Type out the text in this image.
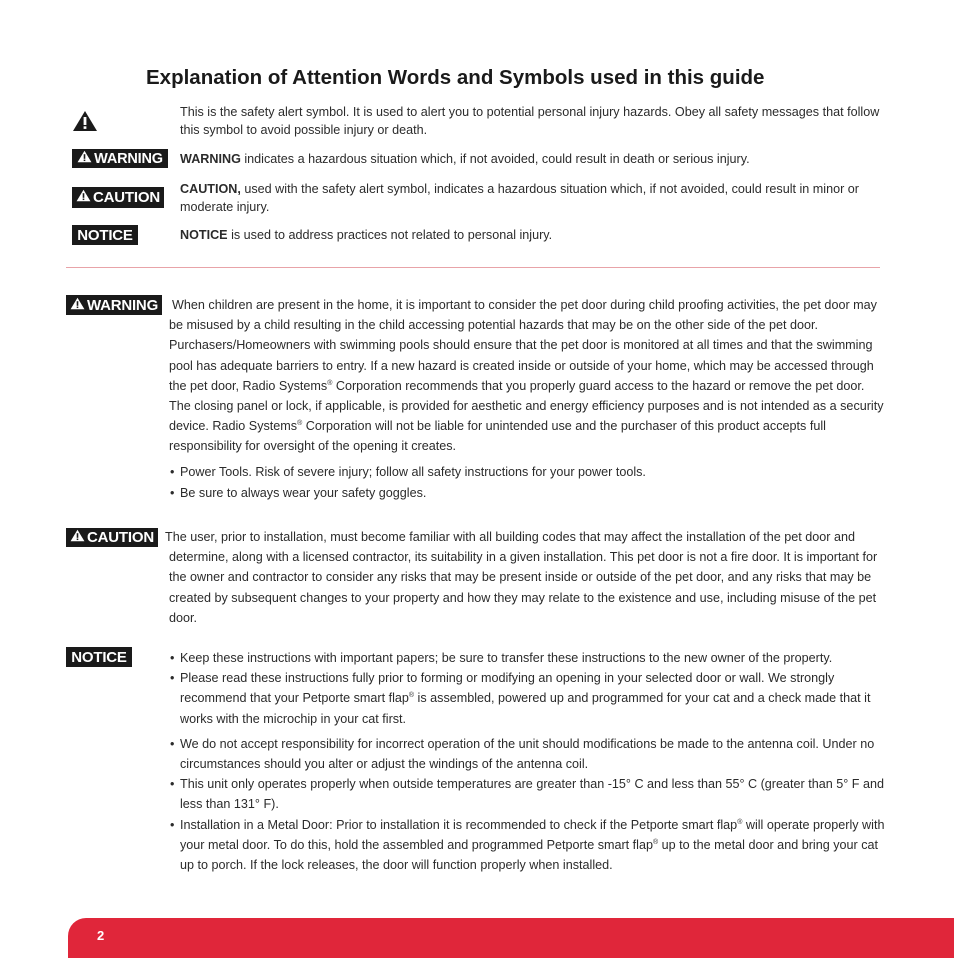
Explanation of Attention Words and Symbols used in this guide
This is the safety alert symbol. It is used to alert you to potential personal injury hazards. Obey all safety messages that follow this symbol to avoid possible injury or death.
WARNING WARNING indicates a hazardous situation which, if not avoided, could result in death or serious injury.
CAUTION CAUTION, used with the safety alert symbol, indicates a hazardous situation which, if not avoided, could result in minor or moderate injury.
NOTICE	NOTICE is used to address practices not related to personal injury.
WARNING When children are present in the home, it is important to consider the pet door during child proofing activities, the pet door may be misused by a child resulting in the child accessing potential hazards that may be on the other side of the pet door. Purchasers/Homeowners with swimming pools should ensure that the pet door is monitored at all times and that the swimming pool has adequate barriers to entry. If a new hazard is created inside or outside of your home, which may be accessed through the pet door, Radio Systems® Corporation recommends that you properly guard access to the hazard or remove the pet door. The closing panel or lock, if applicable, is provided for aesthetic and energy efficiency purposes and is not intended as a security device. Radio Systems® Corporation will not be liable for unintended use and the purchaser of this product accepts full responsibility for oversight of the opening it creates.
• Power Tools. Risk of severe injury; follow all safety instructions for your power tools.
• Be sure to always wear your safety goggles.
CAUTION The user, prior to installation, must become familiar with all building codes that may affect the installation of the pet door and determine, along with a licensed contractor, its suitability in a given installation. This pet door is not a fire door. It is important for the owner and contractor to consider any risks that may be present inside or outside of the pet door, and any risks that may be created by subsequent changes to your property and how they may relate to the existence and use, including misuse of the pet door.
NOTICE
•	Keep these instructions with important papers; be sure to transfer these instructions to the new owner of the property.
• Please read these instructions fully prior to forming or modifying an opening in your selected door or wall. We strongly recommend that your Petporte smart flap® is assembled, powered up and programmed for your cat and a check made that it works with the microchip in your cat first.
• We do not accept responsibility for incorrect operation of the unit should modifications be made to the antenna coil. Under no circumstances should you alter or adjust the windings of the antenna coil.
• This unit only operates properly when outside temperatures are greater than -15° C and less than 55° C (greater than 5° F and less than 131° F).
• Installation in a Metal Door: Prior to installation it is recommended to check if the Petporte smart flap® will operate properly with your metal door. To do this, hold the assembled and programmed Petporte smart flap® up to the metal door and bring your cat up to porch. If the lock releases, the door will function properly when installed.
2
